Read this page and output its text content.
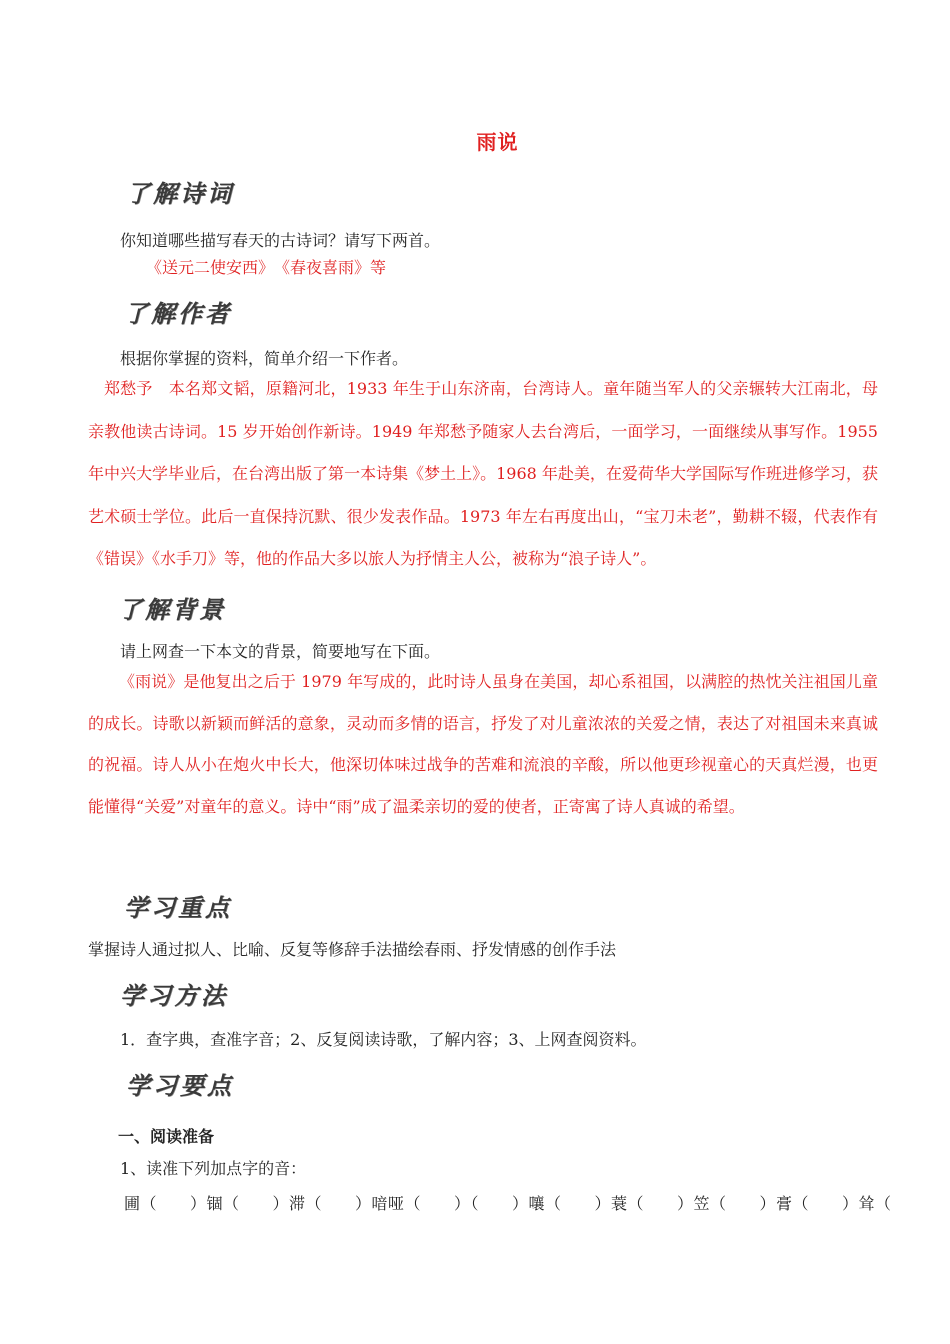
雨说
了解诗词
你知道哪些描写春天的古诗词？请写下两首。
《送元二使安西》　《春夜喜雨》等
了解作者
根据你掌握的资料，简单介绍一下作者。
郑愁予　本名郑文韬，原籍河北，1933 年生于山东济南，台湾诗人。童年随当军人的父亲辗转大江南北，母亲教他读古诗词。15 岁开始创作新诗。1949 年郑愁予随家人去台湾后，一面学习，一面继续从事写作。1955 年中兴大学毕业后，在台湾出版了第一本诗集《梦土上》。1968 年赴美，在爱荷华大学国际写作班进修学习，获艺术硕士学位。此后一直保持沉默、很少发表作品。1973 年左右再度出山，“宝刀未老”，勤耕不辍，代表作有《错误》《水手刀》等，他的作品大多以旅人为抒情主人公，被称为“浪子诗人”。
了解背景
请上网查一下本文的背景，简要地写在下面。
《雨说》是他复出之后于 1979 年写成的，此时诗人虽身在美国，却心系祖国，以满腔的热忱关注祖国儿童的成长。诗歌以新颖而鲜活的意象，灵动而多情的语言，抒发了对儿童浓浓的关爱之情，表达了对祖国未来真诚的祝福。诗人从小在炮火中长大，他深切体味过战争的苦难和流浪的辛酸，所以他更珍视童心的天真烂漫，也更能懂得“关爱”对童年的意义。诗中“雨”成了温柔亲切的爱的使者，正寄寓了诗人真诚的希望。
学习重点
掌握诗人通过拟人、比喻、反复等修辞手法描绘春雨、抒发情感的创作手法
学习方法
1．查字典，查准字音；2、反复阅读诗歌，了解内容；3、上网查阅资料。
学习要点
一、阅读准备
1、读准下列加点字的音：
圃（　　）锢（　　）滞（　　）喑哑（　　）（　　）嚷（　　）蓑（　　）笠（　　）膏（　　）耸（
